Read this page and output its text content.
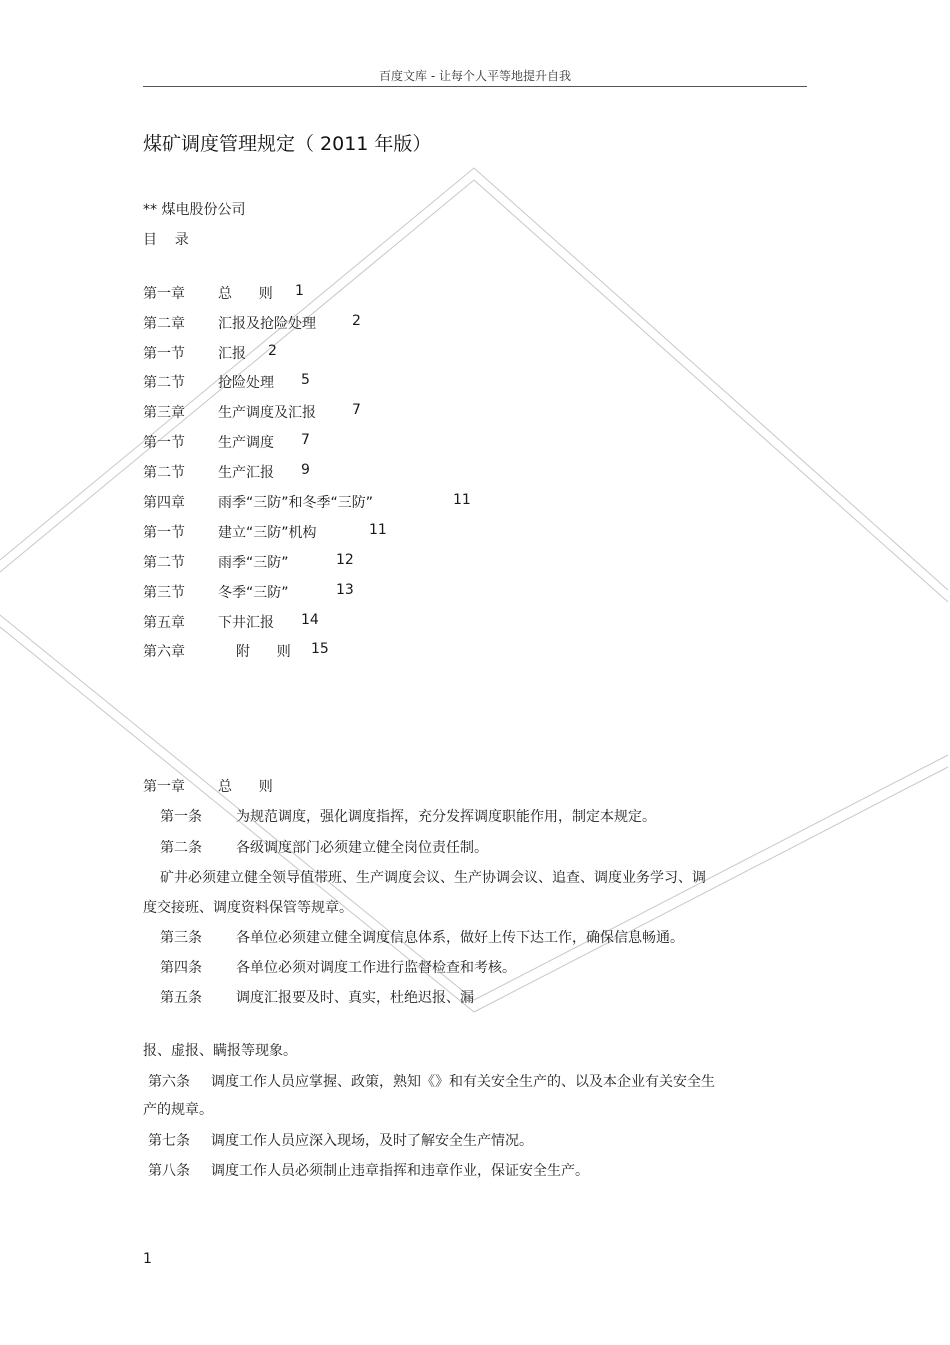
百度文库 - 让每个人平等地提升自我
煤矿调度管理规定（ 2011 年版）
** 煤电股份公司
目    录
第一章 总      则 1
第二章 汇报及抢险处理	2
第一节 汇报 2
第二节 抢险处理 5
第三章 生产调度及汇报	7
第一节 生产调度 7
第二节 生产汇报 9
第四章 雨季“三防”和冬季“三防”	11
第一节 建立“三防”机构	11
第二节 雨季“三防”	12
第三节 冬季“三防”	13
第五章 下井汇报 14
第六章	附      则 15
第一章 总      则
第一条 为规范调度，强化调度指挥，充分发挥调度职能作用，制定本规定。
第二条 各级调度部门必须建立健全岗位责任制。
矿井必须建立健全领导值带班、生产调度会议、生产协调会议、追查、调度业务学习、调
度交接班、调度资料保管等规章。
第三条 各单位必须建立健全调度信息体系，做好上传下达工作，确保信息畅通。
第四条 各单位必须对调度工作进行监督检查和考核。
第五条 调度汇报要及时、真实，杜绝迟报、漏
报、虚报、瞒报等现象。
第六条 调度工作人员应掌握、政策，熟知《》和有关安全生产的、以及本企业有关安全生
产的规章。
第七条 调度工作人员应深入现场，及时了解安全生产情况。
第八条 调度工作人员必须制止违章指挥和违章作业，保证安全生产。
1
